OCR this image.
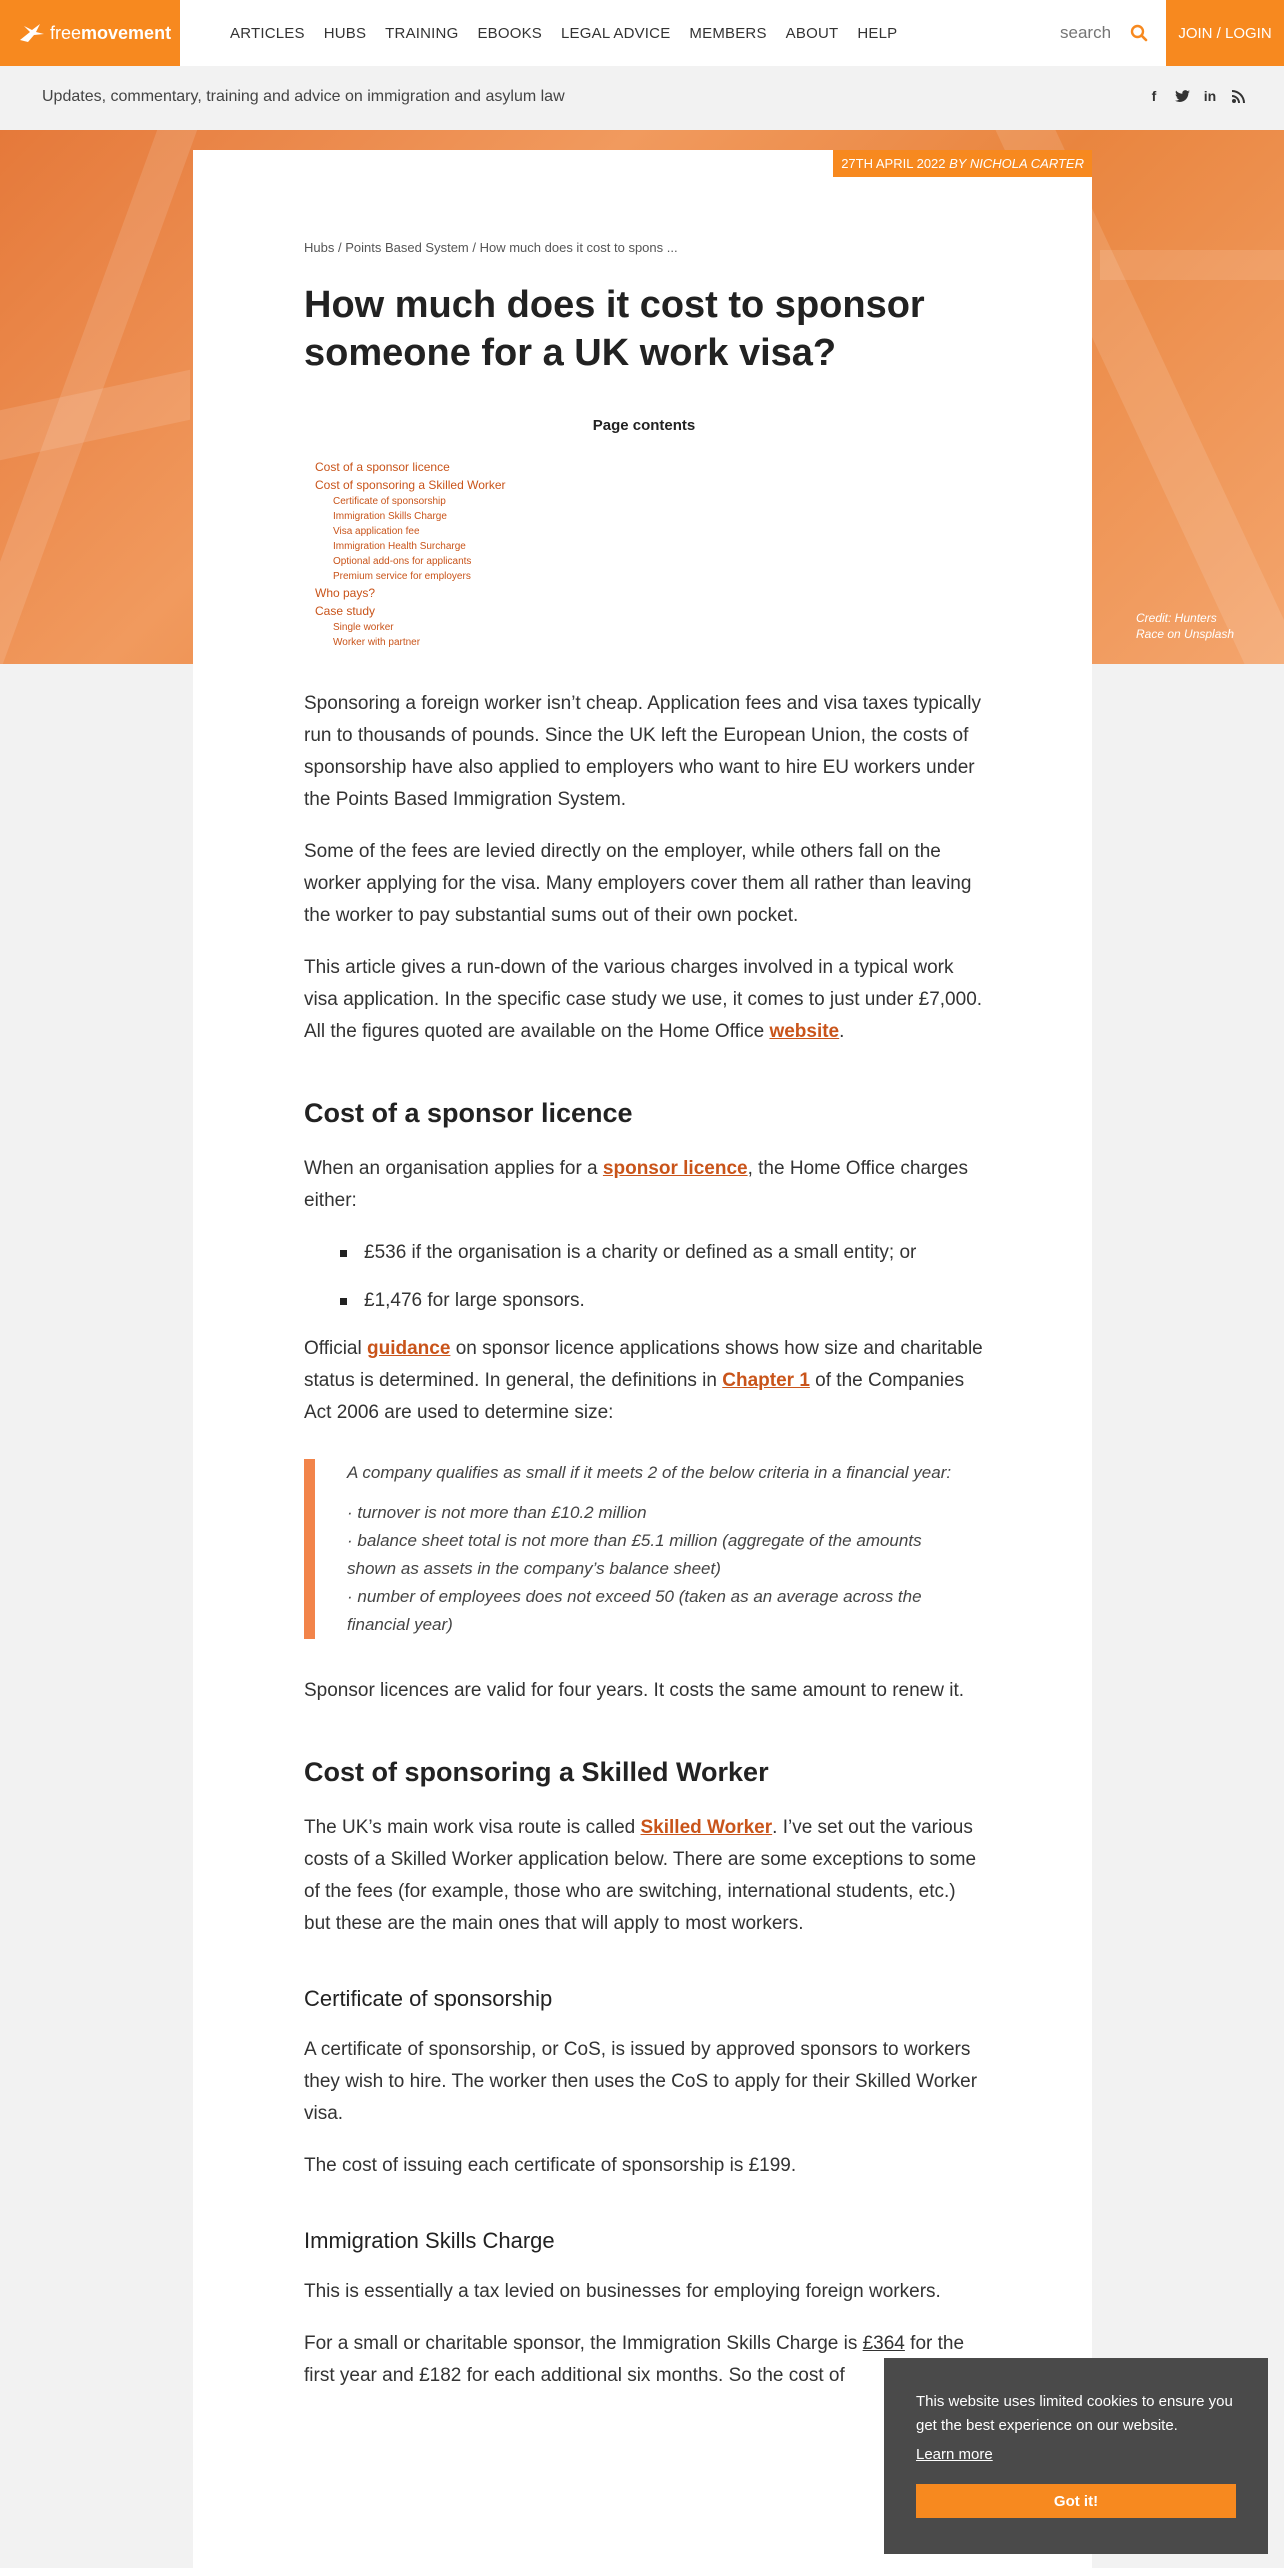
freemovement	ARTICLES HUBS TRAINING EBOOKS LEGAL ADVICE MEMBERS ABOUT HELP
search	JOIN / LOGIN
Updates, commentary, training and advice on immigration and asylum law	f	in
Credit: Hunters
Race on Unsplash
27TH APRIL 2022 BY NICHOLA CARTER
Hubs / Points Based System / How much does it cost to spons ...
How much does it cost to sponsor someone for a UK work visa?
Page contents
Cost of a sponsor licence
Cost of sponsoring a Skilled Worker
Certificate of sponsorship
Immigration Skills Charge
Visa application fee
Immigration Health Surcharge
Optional add-ons for applicants
Premium service for employers
Who pays?
Case study
Single worker
Worker with partner

Sponsoring a foreign worker isn’t cheap. Application fees and visa taxes typically run to thousands of pounds. Since the UK left the European Union, the costs of sponsorship have also applied to employers who want to hire EU workers under the Points Based Immigration System.

Some of the fees are levied directly on the employer, while others fall on the worker applying for the visa. Many employers cover them all rather than leaving the worker to pay substantial sums out of their own pocket.

This article gives a run-down of the various charges involved in a typical work visa application. In the specific case study we use, it comes to just under £7,000. All the figures quoted are available on the Home Office website.

Cost of a sponsor licence

When an organisation applies for a sponsor licence, the Home Office charges either:

£536 if the organisation is a charity or defined as a small entity; or
£1,476 for large sponsors.

Official guidance on sponsor licence applications shows how size and charitable status is determined. In general, the definitions in Chapter 1 of the Companies Act 2006 are used to determine size:

A company qualifies as small if it meets 2 of the below criteria in a financial year:

· turnover is not more than £10.2 million
· balance sheet total is not more than £5.1 million (aggregate of the amounts shown as assets in the company’s balance sheet)
· number of employees does not exceed 50 (taken as an average across the financial year)

Sponsor licences are valid for four years. It costs the same amount to renew it.

Cost of sponsoring a Skilled Worker

The UK’s main work visa route is called Skilled Worker. I’ve set out the various costs of a Skilled Worker application below. There are some exceptions to some of the fees (for example, those who are switching, international students, etc.) but these are the main ones that will apply to most workers.

Certificate of sponsorship

A certificate of sponsorship, or CoS, is issued by approved sponsors to workers they wish to hire. The worker then uses the CoS to apply for their Skilled Worker visa.

The cost of issuing each certificate of sponsorship is £199.

Immigration Skills Charge

This is essentially a tax levied on businesses for employing foreign workers.

For a small or charitable sponsor, the Immigration Skills Charge is £364 for the first year and £182 for each additional six months. So the cost of

This website uses limited cookies to ensure you get the best experience on our website.

Learn more
Got it!
